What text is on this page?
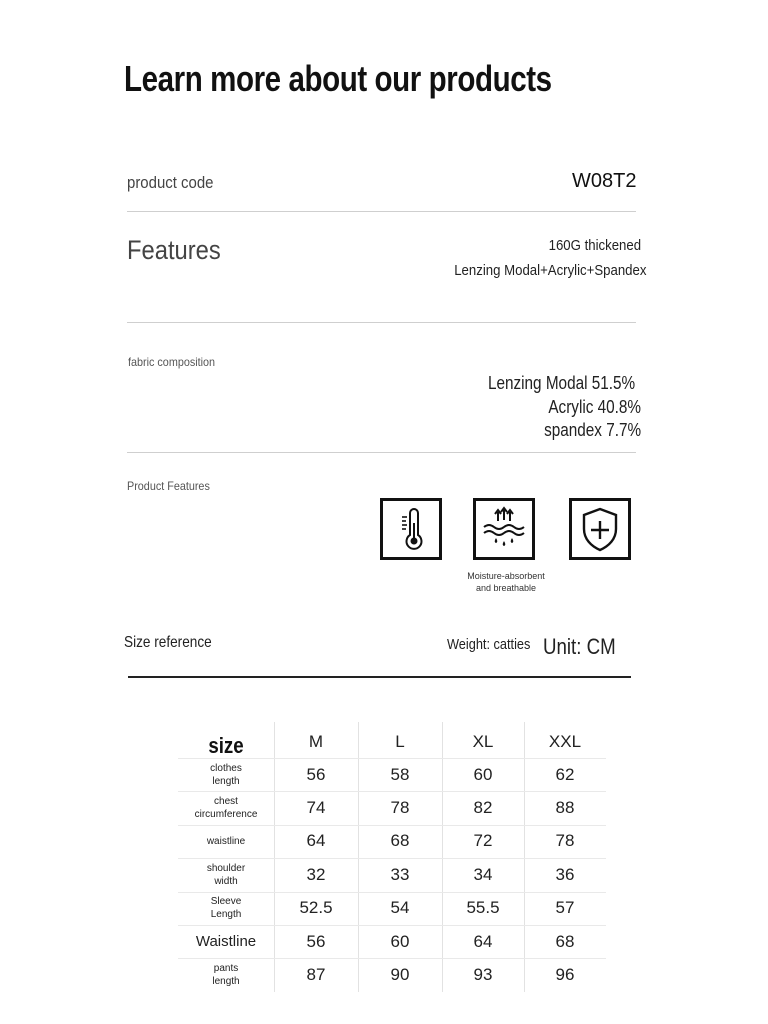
Learn more about our products
product code	W08T2
Features	160G thickened
Lenzing Modal+Acrylic+Spandex
fabric composition
Lenzing Modal 51.5%
Acrylic 40.8%
spandex 7.7%
Product Features
Moisture-absorbent
and breathable
Size reference	Weight: catties Unit: CM
size	M	L	XL	XXL
clothes
length	56	58	60	62
chest
circumference	74	78	82	88
waistline	64	68	72	78
shoulder
width	32	33	34	36
Sleeve
Length	52.5	54	55.5	57
Waistline	56	60	64	68
pants
length	87	90	93	96
